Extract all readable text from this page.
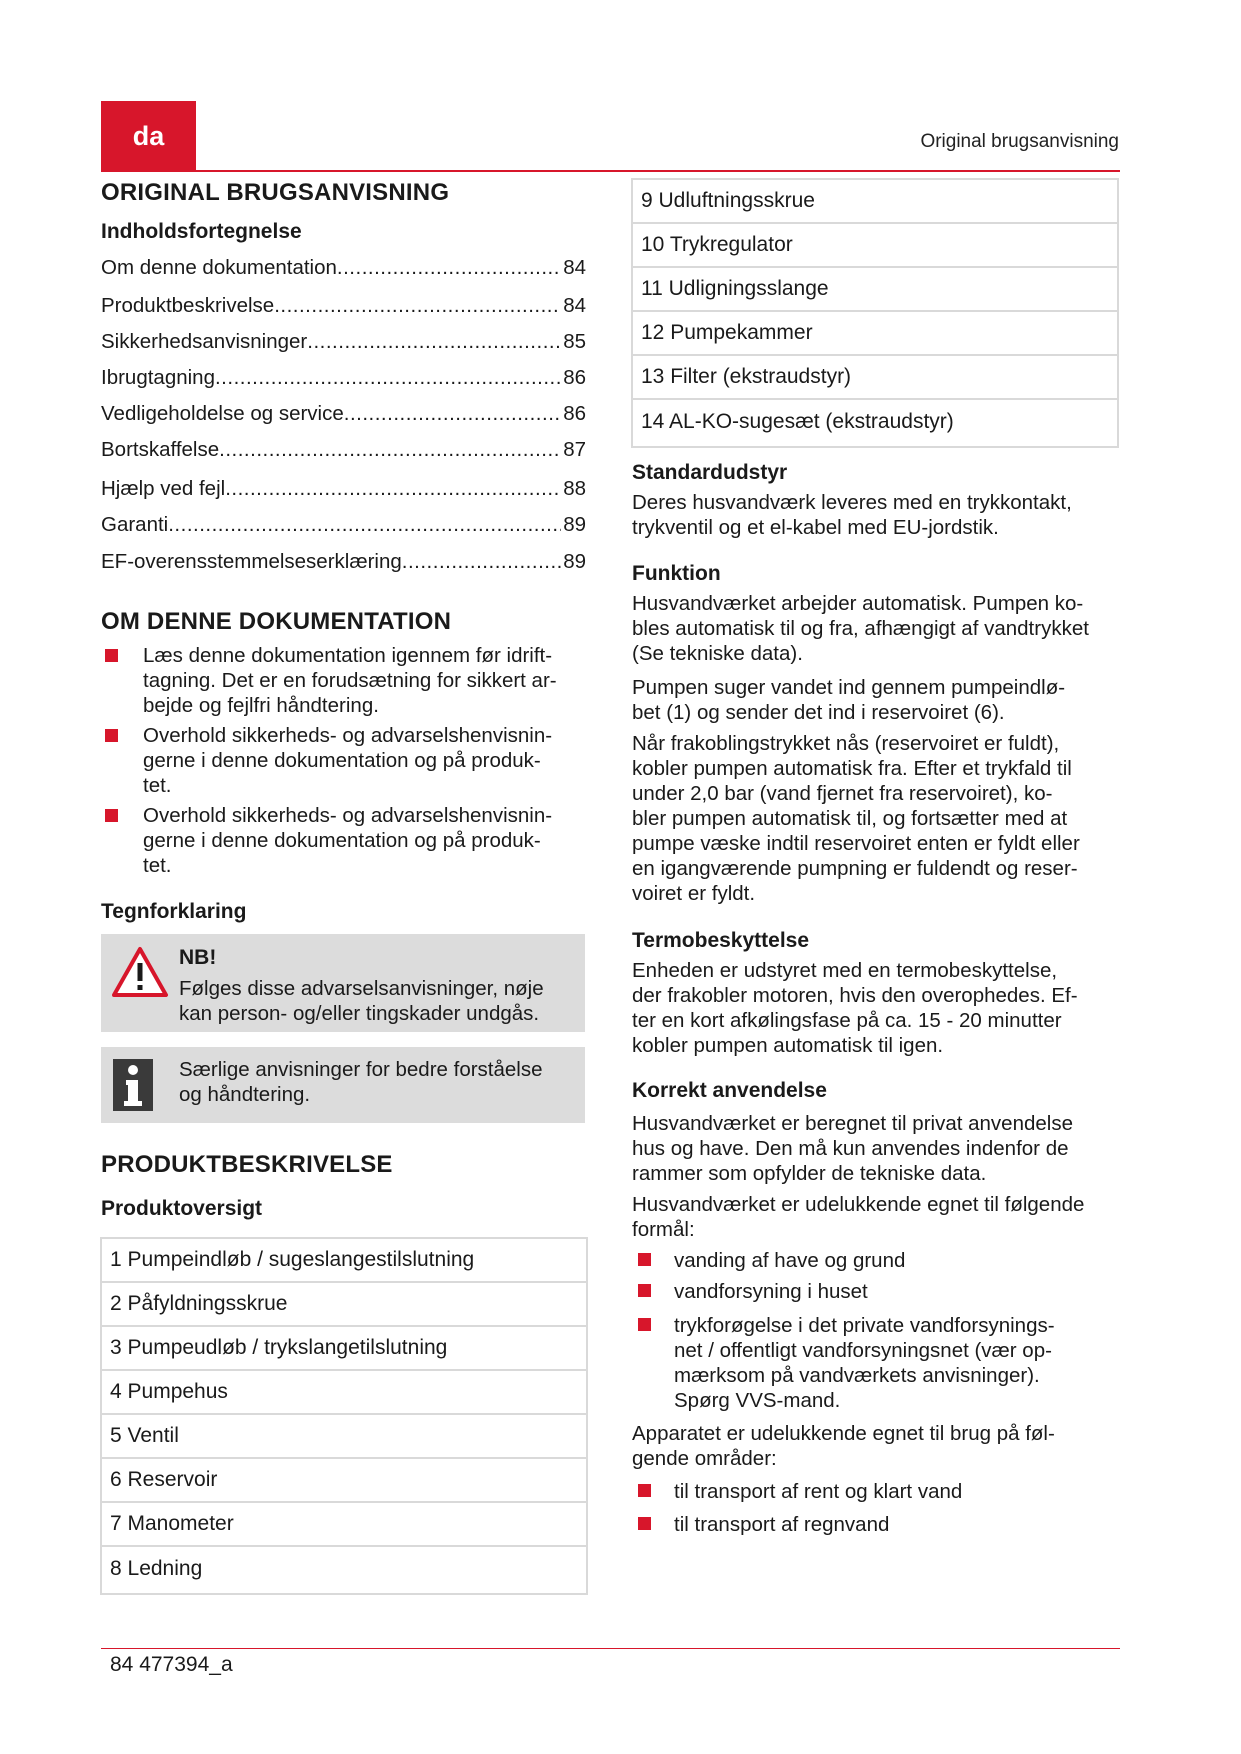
da	Original brugsanvisning
ORIGINAL BRUGSANVISNING
Indholdsfortegnelse
Om denne dokumentation .....	84
Produktbeskrivelse .....	84
Sikkerhedsanvisninger .....	85
Ibrugtagning .....	86
Vedligeholdelse og service .....	86
Bortskaffelse .....	87
Hjælp ved fejl .....	88
Garanti .....	89
EF-overensstemmelseserklæring .....	89
OM DENNE DOKUMENTATION
Læs denne dokumentation igennem før idrift-
tagning. Det er en forudsætning for sikkert ar-
bejde og fejlfri håndtering.
Overhold sikkerheds- og advarselshenvisnin-
gerne i denne dokumentation og på produk-
tet.
Overhold sikkerheds- og advarselshenvisnin-
gerne i denne dokumentation og på produk-
tet.
Tegnforklaring
NB!
Følges disse advarselsanvisninger, nøje
kan person- og/eller tingskader undgås.
Særlige anvisninger for bedre forståelse
og håndtering.
PRODUKTBESKRIVELSE
Produktoversigt
1 Pumpeindløb / sugeslangestilslutning
2 Påfyldningsskrue
3 Pumpeudløb / trykslangetilslutning
4 Pumpehus
5 Ventil
6 Reservoir
7 Manometer
8 Ledning
9 Udluftningsskrue
10 Trykregulator
11 Udligningsslange
12 Pumpekammer
13 Filter (ekstraudstyr)
14 AL-KO-sugesæt (ekstraudstyr)
Standardudstyr
Deres husvandværk leveres med en trykkontakt,
trykventil og et el-kabel med EU-jordstik.
Funktion
Husvandværket arbejder automatisk. Pumpen ko-
bles automatisk til og fra, afhængigt af vandtrykket
(Se tekniske data).
Pumpen suger vandet ind gennem pumpeindlø-
bet (1) og sender det ind i reservoiret (6).
Når frakoblingstrykket nås (reservoiret er fuldt),
kobler pumpen automatisk fra. Efter et trykfald til
under 2,0 bar (vand fjernet fra reservoiret), ko-
bler pumpen automatisk til, og fortsætter med at
pumpe væske indtil reservoiret enten er fyldt eller
en igangværende pumpning er fuldendt og reser-
voiret er fyldt.
Termobeskyttelse
Enheden er udstyret med en termobeskyttelse,
der frakobler motoren, hvis den overophedes. Ef-
ter en kort afkølingsfase på ca. 15 - 20 minutter
kobler pumpen automatisk til igen.
Korrekt anvendelse
Husvandværket er beregnet til privat anvendelse
hus og have. Den må kun anvendes indenfor de
rammer som opfylder de tekniske data.
Husvandværket er udelukkende egnet til følgende
formål:
vanding af have og grund
vandforsyning i huset
trykforøgelse i det private vandforsynings-
net / offentligt vandforsyningsnet (vær op-
mærksom på vandværkets anvisninger).
Spørg VVS-mand.
Apparatet er udelukkende egnet til brug på føl-
gende områder:
til transport af rent og klart vand
til transport af regnvand
84 477394_a
